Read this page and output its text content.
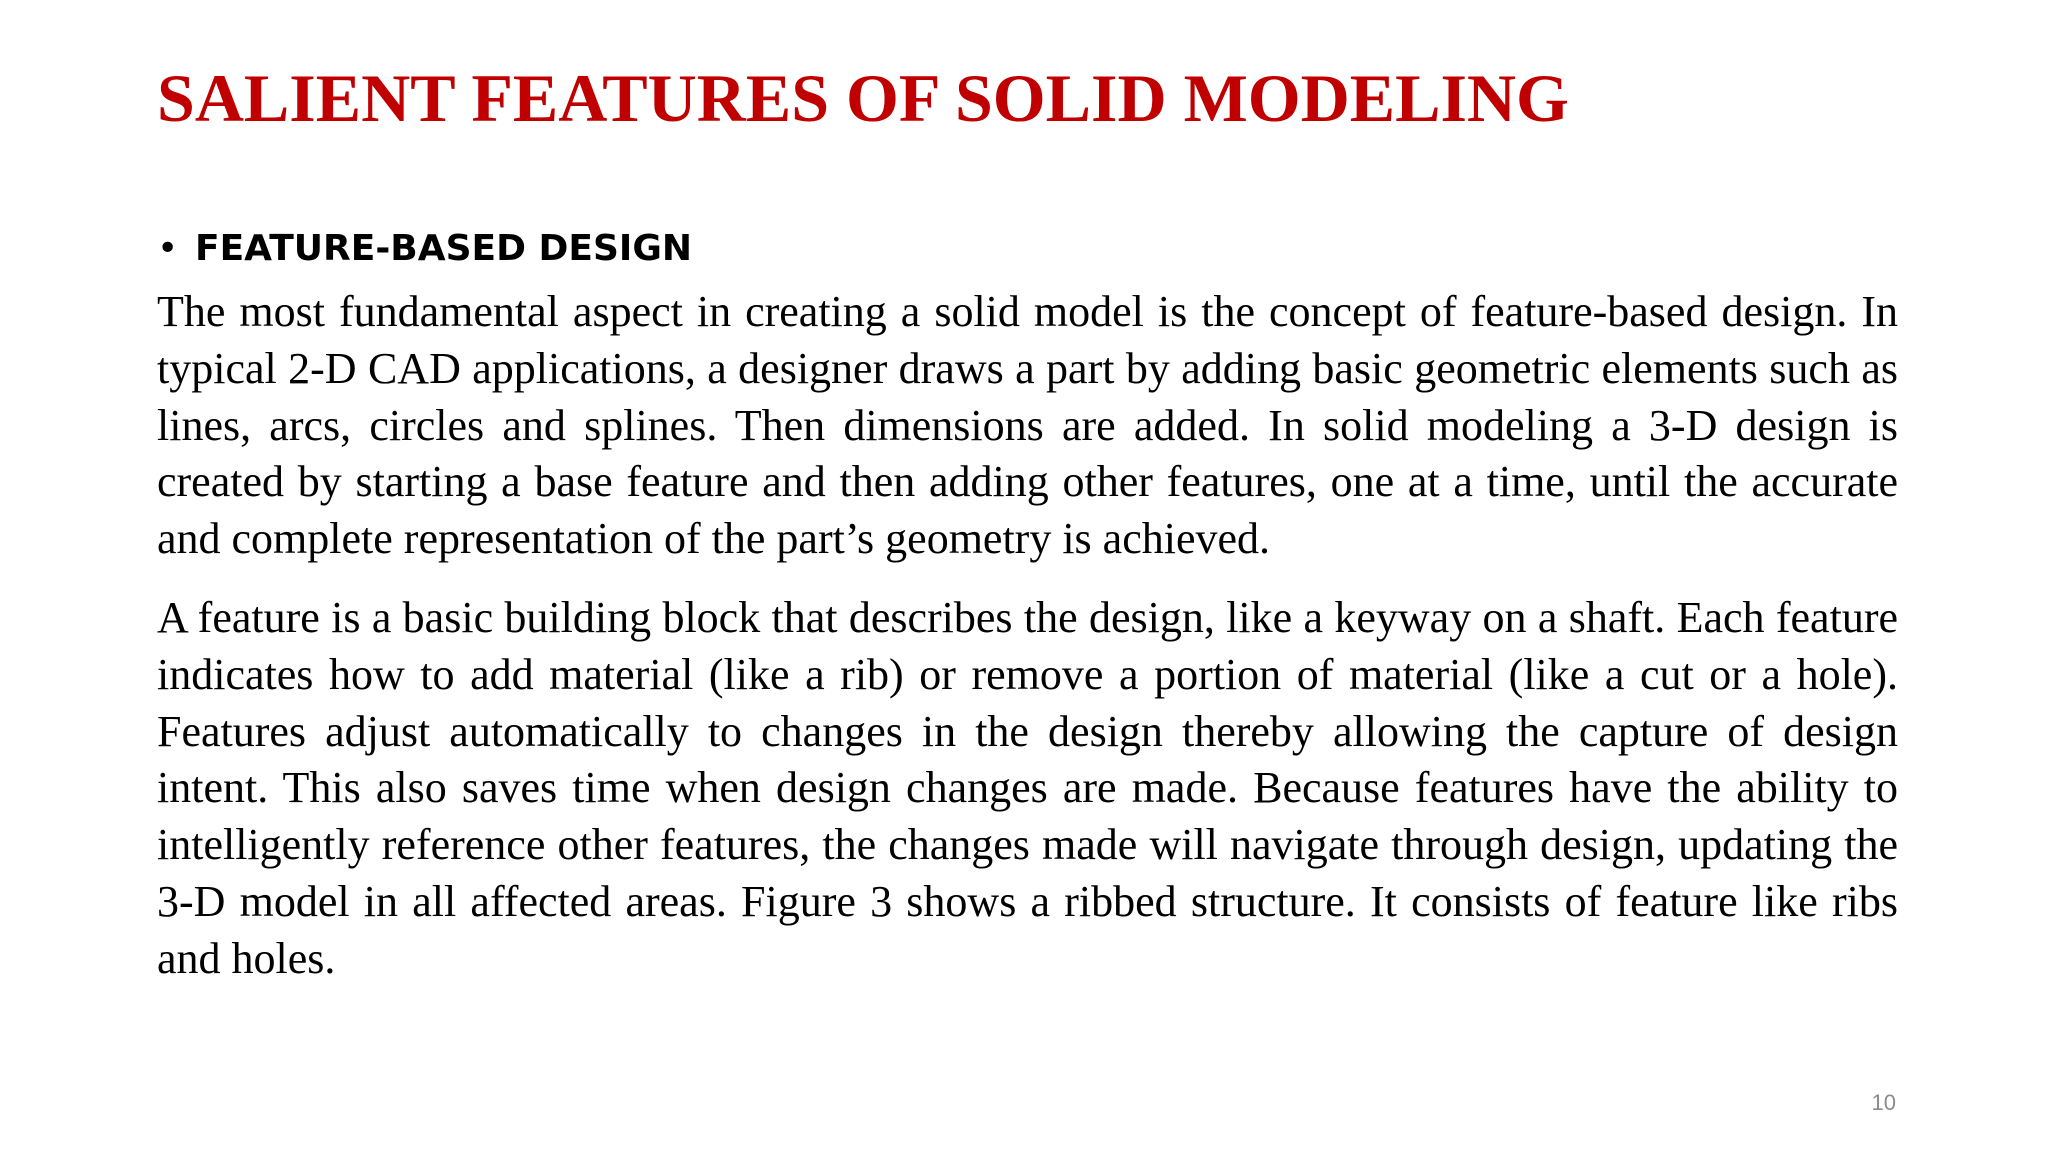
SALIENT FEATURES OF SOLID MODELING
• FEATURE-BASED DESIGN

The most fundamental aspect in creating a solid model is the concept of feature-based design. In typical 2-D CAD applications, a designer draws a part by adding basic geometric elements such as lines, arcs, circles and splines. Then dimensions are added. In solid modeling a 3-D design is created by starting a base feature and then adding other features, one at a time, until the accurate and complete representation of the part’s geometry is achieved.

A feature is a basic building block that describes the design, like a keyway on a shaft. Each feature indicates how to add material (like a rib) or remove a portion of material (like a cut or a hole). Features adjust automatically to changes in the design thereby allowing the capture of design intent. This also saves time when design changes are made. Because features have the ability to intelligently reference other features, the changes made will navigate through design, updating the 3-D model in all affected areas. Figure 3 shows a ribbed structure. It consists of feature like ribs and holes.

10
